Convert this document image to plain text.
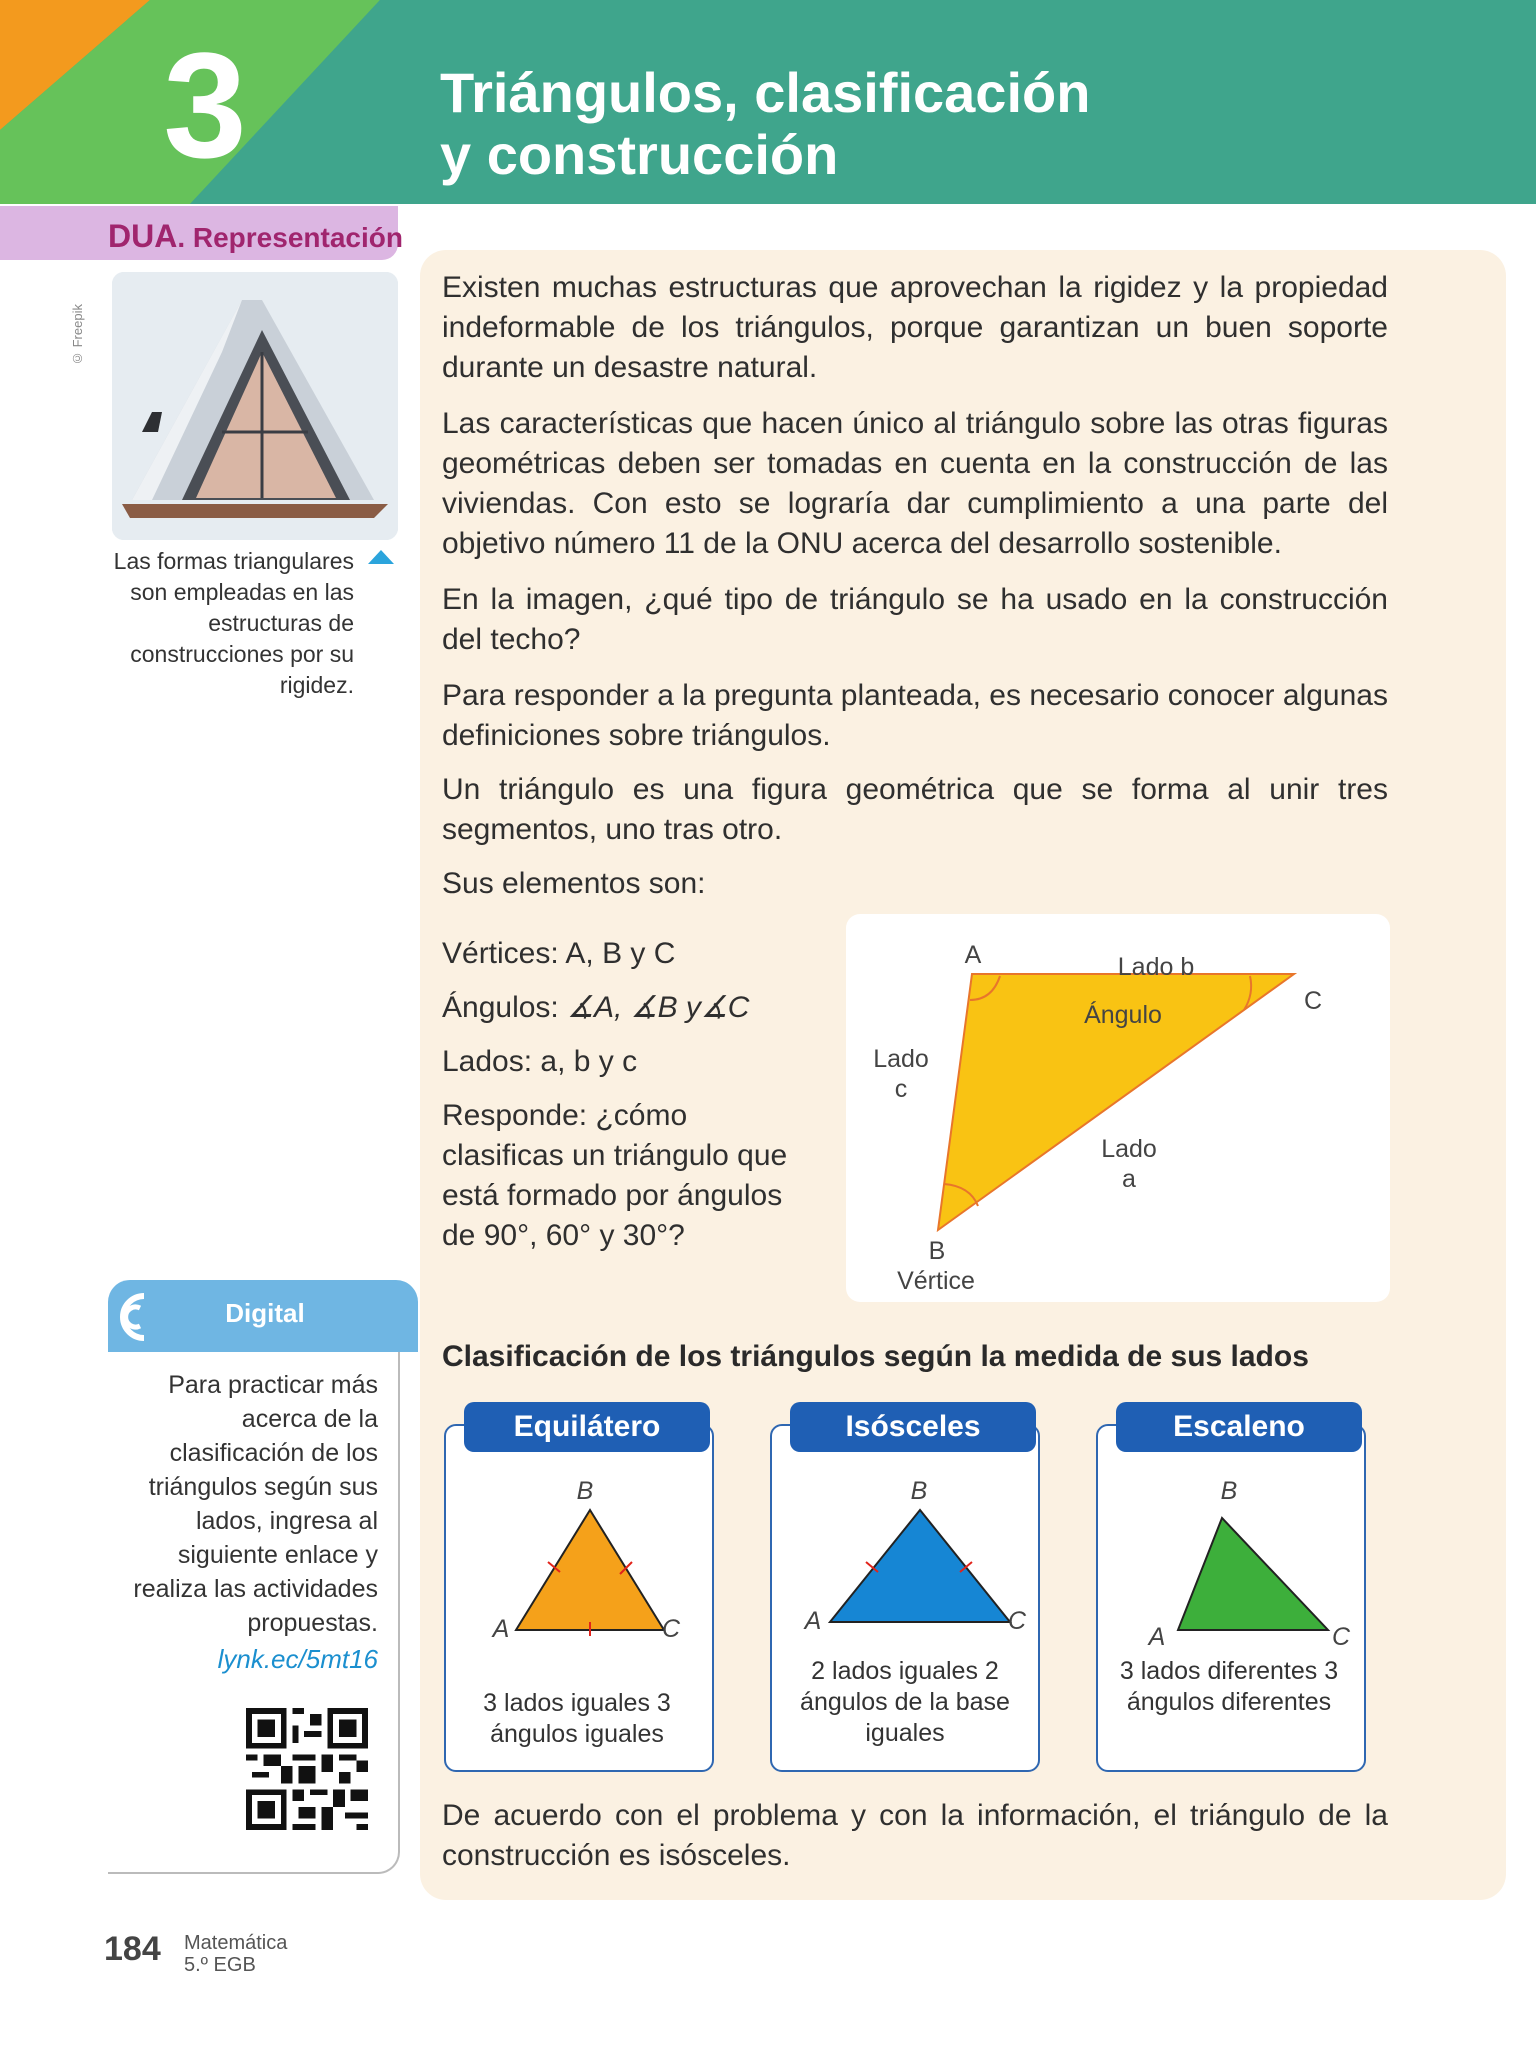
3	Triángulos, clasificación
y construcción
DUA. Representación
© Freepik
Las formas triangulares son empleadas en las estructuras de construcciones por su rigidez.
Existen muchas estructuras que aprovechan la rigidez y la propiedad indeformable de los triángulos, porque garantizan un buen soporte durante un desastre natural.
Las características que hacen único al triángulo sobre las otras figuras geométricas deben ser tomadas en cuenta en la construcción de las viviendas. Con esto se lograría dar cumplimiento a una parte del objetivo número 11 de la ONU acerca del desarrollo sostenible.
En la imagen, ¿qué tipo de triángulo se ha usado en la construcción del techo?
Para responder a la pregunta planteada, es necesario conocer algunas definiciones sobre triángulos.
Un triángulo es una figura geométrica que se forma al unir tres segmentos, uno tras otro.
Sus elementos son:
Vértices: A, B y C
Ángulos: ∡A, ∡B y∡C
Lados: a, b y c
Responde: ¿cómo clasificas un triángulo que está formado por ángulos de 90°, 60° y 30°?
A	Lado b
C
Ángulo
Lado
c
Lado
a
B
Vértice
Clasificación de los triángulos según la medida de sus lados
Equilátero
B
A	C
3 lados iguales 3 ángulos iguales
Isósceles
B
A	C
2 lados iguales 2 ángulos de la base iguales
Escaleno
B
A	C
3 lados diferentes 3 ángulos diferentes
De acuerdo con el problema y con la información, el triángulo de la construcción es isósceles.
Digital
Para practicar más acerca de la clasificación de los triángulos según sus lados, ingresa al siguiente enlace y realiza las actividades propuestas.
lynk.ec/5mt16
184 Matemática
5.º EGB
